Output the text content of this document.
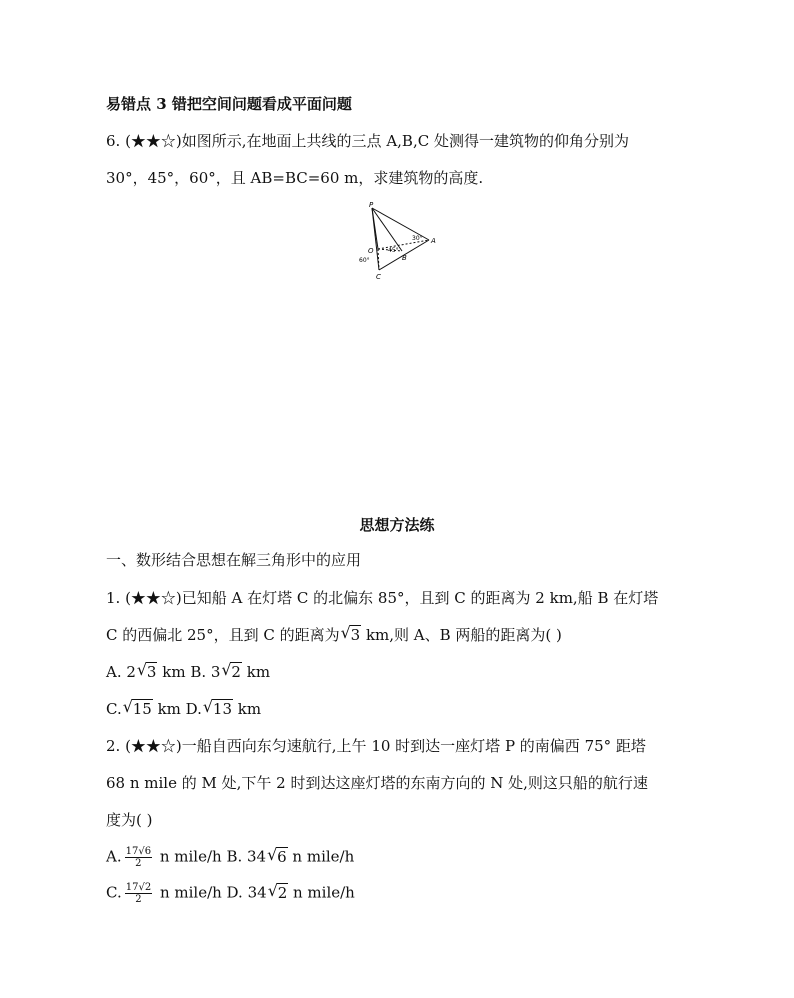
易错点 3 错把空间问题看成平面问题
6. (★★☆)如图所示,在地面上共线的三点 A,B,C 处测得一建筑物的仰角分别为
30°，45°，60°，且 AB=BC=60 m，求建筑物的高度.
P
A
B
C
O
30°
45°
60°
思想方法练
一、数形结合思想在解三角形中的应用
1. (★★☆)已知船 A 在灯塔 C 的北偏东 85°，且到 C 的距离为 2 km,船 B 在灯塔
C 的西偏北 25°，且到 C 的距离为 √ 3 km,则 A、B 两船的距离为( )
A. 2 √ 3 km B. 3 √ 2 km
C. √ 15 km D. √ 13 km
2. (★★☆)一船自西向东匀速航行,上午 10 时到达一座灯塔 P 的南偏西 75° 距塔
68 n mile 的 M 处,下午 2 时到达这座灯塔的东南方向的 N 处,则这只船的航行速
度为( )
A. $\frac{17√6}{2}$ n mile/h B. 34 √ 6 n mile/h
C. $\frac{17√2}{2}$ n mile/h D. 34 √ 2 n mile/h
